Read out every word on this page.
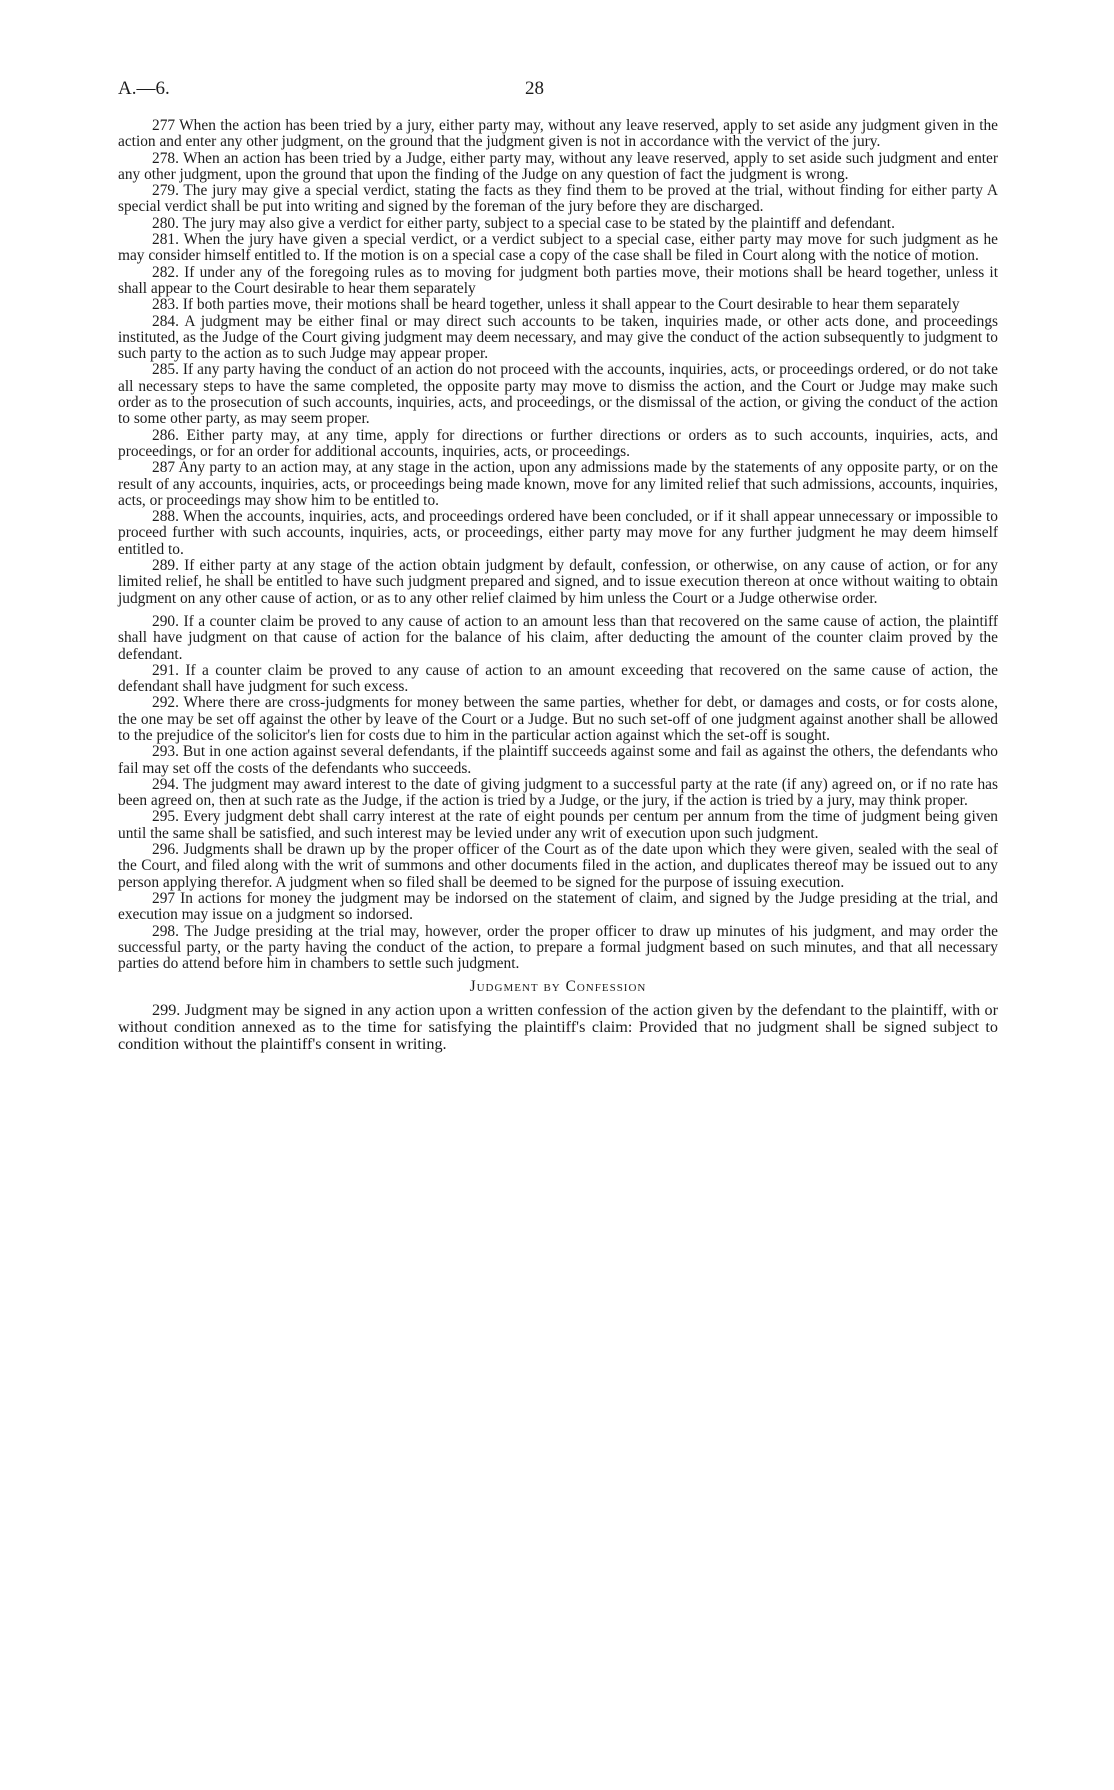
A.—6.	28

277 When the action has been tried by a jury, either party may, without any leave reserved, apply to set aside any judgment given in the action and enter any other judgment, on the ground that the judgment given is not in accordance with the vervict of the jury.

278. When an action has been tried by a Judge, either party may, without any leave reserved, apply to set aside such judgment and enter any other judgment, upon the ground that upon the finding of the Judge on any question of fact the judgment is wrong.

279. The jury may give a special verdict, stating the facts as they find them to be proved at the trial, without finding for either party A special verdict shall be put into writing and signed by the foreman of the jury before they are discharged.

280. The jury may also give a verdict for either party, subject to a special case to be stated by the plaintiff and defendant.

281. When the jury have given a special verdict, or a verdict subject to a special case, either party may move for such judgment as he may consider himself entitled to. If the motion is on a special case a copy of the case shall be filed in Court along with the notice of motion.

282. If under any of the foregoing rules as to moving for judgment both parties move, their motions shall be heard together, unless it shall appear to the Court desirable to hear them separately

283. If both parties move, their motions shall be heard together, unless it shall appear to the Court desirable to hear them separately

284. A judgment may be either final or may direct such accounts to be taken, inquiries made, or other acts done, and proceedings instituted, as the Judge of the Court giving judgment may deem necessary, and may give the conduct of the action subsequently to judgment to such party to the action as to such Judge may appear proper.

285. If any party having the conduct of an action do not proceed with the accounts, inquiries, acts, or proceedings ordered, or do not take all necessary steps to have the same completed, the opposite party may move to dismiss the action, and the Court or Judge may make such order as to the prosecution of such accounts, inquiries, acts, and proceedings, or the dismissal of the action, or giving the conduct of the action to some other party, as may seem proper.

286. Either party may, at any time, apply for directions or further directions or orders as to such accounts, inquiries, acts, and proceedings, or for an order for additional accounts, inquiries, acts, or proceedings.

287 Any party to an action may, at any stage in the action, upon any admissions made by the statements of any opposite party, or on the result of any accounts, inquiries, acts, or proceedings being made known, move for any limited relief that such admissions, accounts, inquiries, acts, or proceedings may show him to be entitled to.

288. When the accounts, inquiries, acts, and proceedings ordered have been concluded, or if it shall appear unnecessary or impossible to proceed further with such accounts, inquiries, acts, or proceedings, either party may move for any further judgment he may deem himself entitled to.

289. If either party at any stage of the action obtain judgment by default, confession, or otherwise, on any cause of action, or for any limited relief, he shall be entitled to have such judgment prepared and signed, and to issue execution thereon at once without waiting to obtain judgment on any other cause of action, or as to any other relief claimed by him unless the Court or a Judge otherwise order.

290. If a counter claim be proved to any cause of action to an amount less than that recovered on the same cause of action, the plaintiff shall have judgment on that cause of action for the balance of his claim, after deducting the amount of the counter claim proved by the defendant.

291. If a counter claim be proved to any cause of action to an amount exceeding that recovered on the same cause of action, the defendant shall have judgment for such excess.

292. Where there are cross-judgments for money between the same parties, whether for debt, or damages and costs, or for costs alone, the one may be set off against the other by leave of the Court or a Judge. But no such set-off of one judgment against another shall be allowed to the prejudice of the solicitor's lien for costs due to him in the particular action against which the set-off is sought.

293. But in one action against several defendants, if the plaintiff succeeds against some and fail as against the others, the defendants who fail may set off the costs of the defendants who succeeds.

294. The judgment may award interest to the date of giving judgment to a successful party at the rate (if any) agreed on, or if no rate has been agreed on, then at such rate as the Judge, if the action is tried by a Judge, or the jury, if the action is tried by a jury, may think proper.

295. Every judgment debt shall carry interest at the rate of eight pounds per centum per annum from the time of judgment being given until the same shall be satisfied, and such interest may be levied under any writ of execution upon such judgment.

296. Judgments shall be drawn up by the proper officer of the Court as of the date upon which they were given, sealed with the seal of the Court, and filed along with the writ of summons and other documents filed in the action, and duplicates thereof may be issued out to any person applying therefor. A judgment when so filed shall be deemed to be signed for the purpose of issuing execution.

297 In actions for money the judgment may be indorsed on the statement of claim, and signed by the Judge presiding at the trial, and execution may issue on a judgment so indorsed.

298. The Judge presiding at the trial may, however, order the proper officer to draw up minutes of his judgment, and may order the successful party, or the party having the conduct of the action, to prepare a formal judgment based on such minutes, and that all necessary parties do attend before him in chambers to settle such judgment.

Judgment by Confession

299. Judgment may be signed in any action upon a written confession of the action given by the defendant to the plaintiff, with or without condition annexed as to the time for satisfying the plaintiff's claim: Provided that no judgment shall be signed subject to condition without the plaintiff's consent in writing.
